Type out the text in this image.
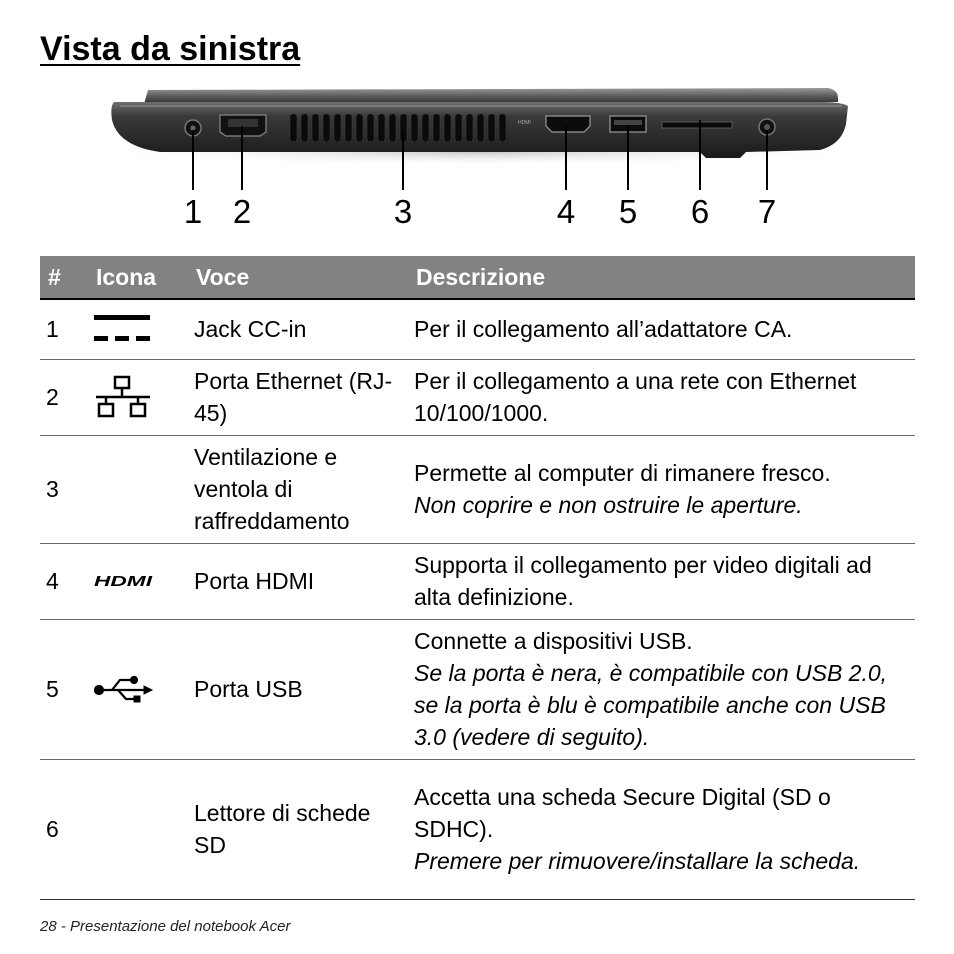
Vista da sinistra
HDMI
1 2	3	4 5 6 7
#	Icona	Voce	Descrizione
1		Jack CC-in	Per il collegamento all’adattatore CA.
2		Porta Ethernet (RJ-45)	Per il collegamento a una rete con Ethernet 10/100/1000.
3		Ventilazione e ventola di raffreddamento	Permette al computer di rimanere fresco.
Non coprire e non ostruire le aperture.

4	HDMI	Porta HDMI	Supporta il collegamento per video digitali ad alta definizione.
5		Porta USB	Connette a dispositivi USB.
Se la porta è nera, è compatibile con USB 2.0, se la porta è blu è compatibile anche con USB 3.0 (vedere di seguito).

6		Lettore di schede SD	Accetta una scheda Secure Digital (SD o SDHC).
Premere per rimuovere/installare la scheda.
28 - Presentazione del notebook Acer
